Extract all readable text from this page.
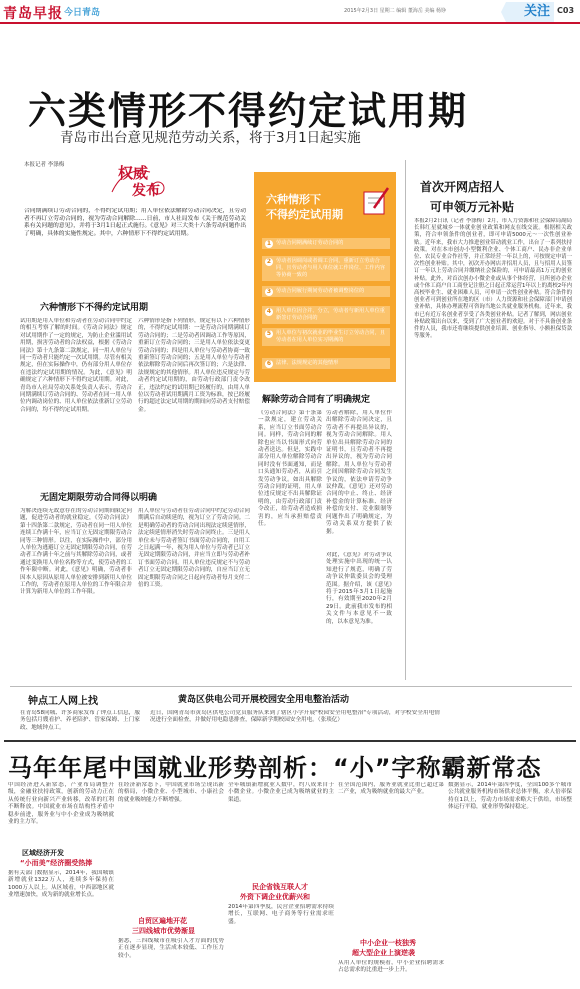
青岛早报 今日青岛	2015年2月3日 星期二 编辑 董海岳 美编 杨铮	关注 C03
六类情形不得约定试用期
青岛市出台意见规范劳动关系，将于3月1日起实施
本报记者 李涤梅	权威
发布
合同期满续订劳动合同的，不得约定试用期；用人单位依法解除劳动合同决定，且劳动者不再订立劳动合同的，视为劳动合同解除……日前，市人社局发布《关于规范劳动关系有关问题的意见》，并将于3月1日起正式施行。《意见》对三大类十六条劳动问题作出了明确，具体的实施性规定。其中，六种情形下不得约定试用期。
六种情形下不得约定试用期
试用期是用人单位和劳动者在劳动合同中约定的相互考察了解的时间。《劳动合同法》规定对试用期作了一定的规定，为防止企业滥用试用期，损害劳动者的合法权益，根据《劳动合同法》第十九条第二款规定，同一用人单位与同一劳动者只能约定一次试用期。尽管有相关规定，但在实际操作中，仍有部分用人单位存在违法约定试用期的情况。为此，《意见》明确规定了六种情形下不得约定试用期。对此，青岛市人社局劳动关系处负责人表示，劳动合同期满续订劳动合同的、劳动者在同一用人单位内调动岗位的、用人单位依法重新订立劳动合同的，均不得约定试用期。
六种情形是指下列情形，规定有以下六种情形的，不得约定试用期：一是劳动合同期满续订劳动合同的；二是劳动者因调动工作等原因，重新订立劳动合同的；三是用人单位依法变更劳动合同的；四是用人单位与劳动者协商一致重新签订劳动合同的；五是用人单位与劳动者依法解除劳动合同后再次签订的；六是法律、法规规定的其他情形。用人单位违反规定与劳动者约定试用期的，由劳动行政部门责令改正，违法约定的试用期已经履行的，由用人单位以劳动者试用期满月工资为标准，按已经履行的超过法定试用期的期间向劳动者支付赔偿金。
无固定期限劳动合同得以明确
为解决连续无故意存在的劳动合同期间限定问题，促进劳动者的就业稳定，《劳动合同法》第十四条第二款规定，劳动者在同一用人单位连续工作满十年，应当订立无固定期限劳动合同等三种情形。以往，在实际操作中，部分用人单位为逃避订立无固定期限劳动合同，在劳动者工作满十年之前与其解除劳动合同，或者通过变换用人单位名称等方式，使劳动者的工作年限中断。对此，《意见》明确，劳动者非因本人原因从原用人单位被安排到新用人单位工作的，劳动者在原用人单位的工作年限合并计算为新用人单位的工作年限。
用人单位与劳动者在劳动合同中约定劳动合同期满后自动续延的，视为订立了劳动合同。二是明确劳动者的劳动合同出现法定续延情形，法定续延情形消失时劳动合同终止。三是用人单位未与劳动者签订书面劳动合同的，自用工之日起满一年，视为用人单位与劳动者已订立无固定期限劳动合同，并应当立即与劳动者补订书面劳动合同。用人单位违反规定不与劳动者订立无固定期限劳动合同的，自应当订立无固定期限劳动合同之日起向劳动者每月支付二倍的工资。
六种情形下
不得约定试用期
1 劳动合同期满续订劳动合同的
2 劳动者因调岗或者调工合同，重新订立劳动合同，且劳动者与用人单位就工作岗位、工作内容等协商一致的
3 劳动合同履行期间劳动者被调整岗位的
4 用人单位因合并、分立，劳动者与新用人单位重新签订劳动合同的
5 用人单位与初次就业的毕业生订立劳动合同，且劳动者在用人单位实习期满的
6 法律、法规规定的其他情形
解除劳动合同有了明确规定
《劳动合同法》第十条第一款规定，建立劳动关系，应当订立书面劳动合同。同样，劳动合同的解除也应当以书面形式向劳动者送达。但是，实践中部分用人单位解除劳动合同时没有书面通知，而是口头通知劳动者，从而引发劳动争议。如出具解除劳动合同的证明，用人单位违反规定不出具解除证明的，由劳动行政部门责令改正，给劳动者造成损害的，应当承担赔偿责任。
劳动者解除，用人单位作出解除劳动合同决定，且劳动者不再提出异议的，视为劳动合同解除。用人单位出具解除劳动合同的证明书，且劳动者不再提出异议的，视为劳动合同解除。用人单位与劳动者之间因解除劳动合同发生争议的，依法申请劳动争议仲裁。《意见》还对劳动合同的中止、终止、经济补偿金的计算标准、经济补偿的支付、竞业限制等问题作出了明确规定，为劳动关系双方提供了依据。
对此，《意见》对劳动争议处理实施中出现的统一认知进行了规范，明确了劳动争议仲裁委员会的受理范围。据介绍，该《意见》将于2015年3月1日起施行，有效期至2020年2月29日。此前我市发布的相关文件与本意见不一致的，以本意见为准。
首次开网店招人
可申领万元补贴
本报2月2日讯（记者 李涤梅）2月，市人力资源和社会保障局副局长韩红星就城乡一体就业创业政策和网友在线交流。根据相关政策，符合申领条件的创业者，即可申请5000元～一次性创业补贴。近年来，我市大力推进创业带动就业工作，出台了一系列扶持政策。对在本市创办小型微利企业、个体工商户、民办非企业单位、农民专业合作社等，并正常经营一年以上的，可按规定申请一次性创业补贴。其中，初次开办网店并招用人员，且与招用人员签订一年以上劳动合同并缴纳社会保险的，可申请最高1万元的创业补贴。此外，对首次创办小微企业或从事个体经营，且所创办企业或个体工商户自工商登记注册之日起正常运营1年以上的离校2年内高校毕业生、就业困难人员，可申请一次性创业补贴。符合条件的创业者可到创业所在地的区（市）人力资源和社会保障部门申请创业补贴，具体办理流程可咨询当地公共就业服务机构。近年来，我市已有近万名创业者享受了各类创业补贴。记者了解到，网店创业补贴政策出台以来，受到了广大创业者的欢迎。对于不具备创业条件的人员，我市还将继续提供创业培训、创业指导、小额担保贷款等服务。
钟点工人网上找
在青岛58同城、许多商家发布了钟点工信息，服务包括月嫂看护、养老陪护、管家保姆、上门家政、地域钟点工。
黄岛区供电公司开展校园安全用电整治活动
近日，国网青岛市黄岛区供电公司党员服务队来到了辖区小学开展"校园安全用电整治"专项活动，对学校安全用电情况进行全面检查，并做好用电隐患排查，保障新学期校园安全用电。（张琰亿）
马年年尾中国就业形势剖析：“小”字称霸新常态
中国经济进入新常态，产业布局调整升级，金融业扶持政策，创新的劳动力正在从传统行业向新兴产业转移，改革的红利不断释放。中国就业市场在结构性矛盾中稳步前进，服务业与中小企业成为吸纳就业的主力军。
区域经济开发
“小而美”经济圈受热捧
据有关部门数据显示，2014年，我国城镇新增就业1322万人，连续多年保持在1000万人以上。从区域看，中西部地区就业增速加快，成为新的就业增长点。
在经济新常态下，中国就业市场呈现出新的格局，小微企业、小型城市、小康社会的就业吸纳能力不断增强。
自贸区遍地开花
三四线城市优势渐显
据悉，三四线城市在吸引人才方面的优势正在逐步显现，生活成本较低、工作压力较小。
全年城镇新增就业人数中，约八成来自于小微企业。小微企业已成为吸纳就业的主渠道。
民企省钱互联人才
外资下调企业优薪兴和
2014年第四季度，民营企业招聘需求持续增长，互联网、电子商务等行业需求旺盛。
在全国范围内，服务业就业比重已超过第二产业，成为吸纳就业的最大产业。
中小企业一枝独秀
超大型企业上演逆袭
从用人单位的规模看，中小企业招聘需求占总需求的比重进一步上升。
数据显示，2014年第四季度，全国100多个城市公共就业服务机构市场供求总体平衡，求人倍率保持在1以上，劳动力市场需求略大于供给，市场整体运行平稳，就业形势保持稳定。
